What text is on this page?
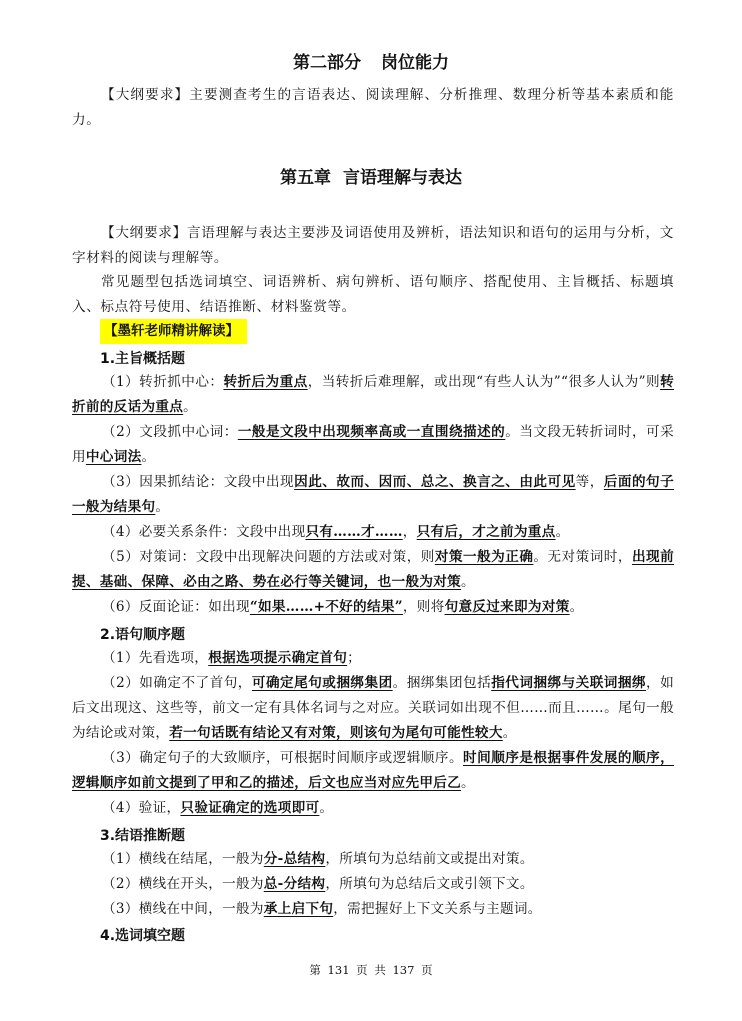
第二部分 岗位能力
【大纲要求】主要测查考生的言语表达、阅读理解、分析推理、数理分析等基本素质和能力。
第五章 言语理解与表达
【大纲要求】言语理解与表达主要涉及词语使用及辨析，语法知识和语句的运用与分析，文字材料的阅读与理解等。
常见题型包括选词填空、词语辨析、病句辨析、语句顺序、搭配使用、主旨概括、标题填入、标点符号使用、结语推断、材料鉴赏等。
【墨轩老师精讲解读】
1.主旨概括题
（1）转折抓中心：转折后为重点，当转折后难理解，或出现“有些人认为”“很多人认为”则转折前的反话为重点。
（2）文段抓中心词：一般是文段中出现频率高或一直围绕描述的。当文段无转折词时，可采用中心词法。
（3）因果抓结论：文段中出现因此、故而、因而、总之、换言之、由此可见等，后面的句子一般为结果句。
（4）必要关系条件：文段中出现只有……才……，只有后，才之前为重点。
（5）对策词：文段中出现解决问题的方法或对策，则对策一般为正确。无对策词时，出现前提、基础、保障、必由之路、势在必行等关键词，也一般为对策。
（6）反面论证：如出现“如果……+不好的结果”，则将句意反过来即为对策。
2.语句顺序题
（1）先看选项，根据选项提示确定首句；
（2）如确定不了首句，可确定尾句或捆绑集团。捆绑集团包括指代词捆绑与关联词捆绑，如后文出现这、这些等，前文一定有具体名词与之对应。关联词如出现不但……而且……。尾句一般为结论或对策，若一句话既有结论又有对策，则该句为尾句可能性较大。
（3）确定句子的大致顺序，可根据时间顺序或逻辑顺序。时间顺序是根据事件发展的顺序，逻辑顺序如前文提到了甲和乙的描述，后文也应当对应先甲后乙。
（4）验证，只验证确定的选项即可。
3.结语推断题
（1）横线在结尾，一般为分-总结构，所填句为总结前文或提出对策。
（2）横线在开头，一般为总-分结构，所填句为总结后文或引领下文。
（3）横线在中间，一般为承上启下句，需把握好上下文关系与主题词。
4.选词填空题
第 131 页 共 137 页
